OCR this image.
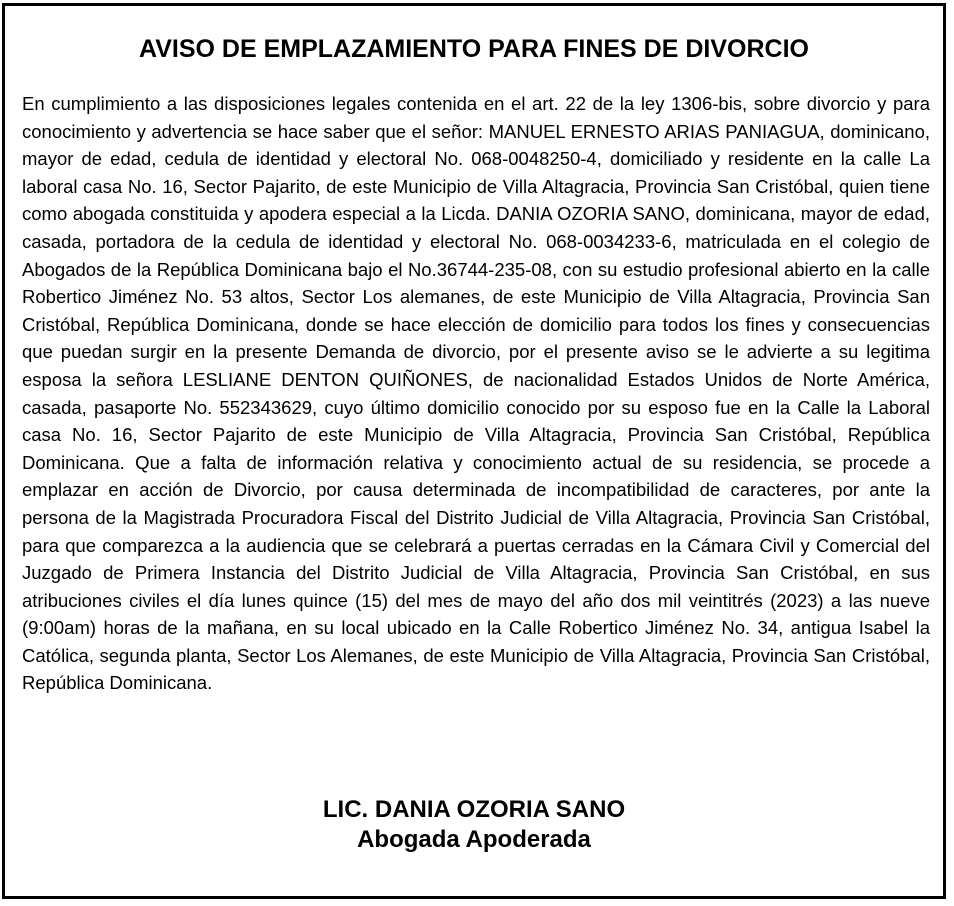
AVISO DE EMPLAZAMIENTO PARA FINES DE DIVORCIO

En cumplimiento a las disposiciones legales contenida en el art. 22 de la ley 1306-bis, sobre divorcio y para conocimiento y advertencia se hace saber que el señor: MANUEL ERNESTO ARIAS PANIAGUA, dominicano, mayor de edad, cedula de identidad y electoral No. 068-0048250-4, domiciliado y residente en la calle La laboral casa No. 16, Sector Pajarito, de este Municipio de Villa Altagracia, Provincia San Cristóbal, quien tiene como abogada constituida y apodera especial a la Licda. DANIA OZORIA SANO, dominicana, mayor de edad, casada, portadora de la cedula de identidad y electoral No. 068-0034233-6, matriculada en el colegio de Abogados de la República Dominicana bajo el No.36744-235-08, con su estudio profesional abierto en la calle Robertico Jiménez No. 53 altos, Sector Los alemanes, de este Municipio de Villa Altagracia, Provincia San Cristóbal, República Dominicana, donde se hace elección de domicilio para todos los fines y consecuencias que puedan surgir en la presente Demanda de divorcio, por el presente aviso se le advierte a su legitima esposa la señora LESLIANE DENTON QUIÑONES, de nacionalidad Estados Unidos de Norte América, casada, pasaporte No. 552343629, cuyo último domicilio conocido por su esposo fue en la Calle la Laboral casa No. 16, Sector Pajarito de este Municipio de Villa Altagracia, Provincia San Cristóbal, República Dominicana. Que a falta de información relativa y conocimiento actual de su residencia, se procede a emplazar en acción de Divorcio, por causa determinada de incompatibilidad de caracteres, por ante la persona de la Magistrada Procuradora Fiscal del Distrito Judicial de Villa Altagracia, Provincia San Cristóbal, para que comparezca a la audiencia que se celebrará a puertas cerradas en la Cámara Civil y Comercial del Juzgado de Primera Instancia del Distrito Judicial de Villa Altagracia, Provincia San Cristóbal, en sus atribuciones civiles el día lunes quince (15) del mes de mayo del año dos mil veintitrés (2023) a las nueve (9:00am) horas de la mañana, en su local ubicado en la Calle Robertico Jiménez No. 34, antigua Isabel la Católica, segunda planta, Sector Los Alemanes, de este Municipio de Villa Altagracia, Provincia San Cristóbal, República Dominicana.

LIC. DANIA OZORIA SANO
Abogada Apoderada
